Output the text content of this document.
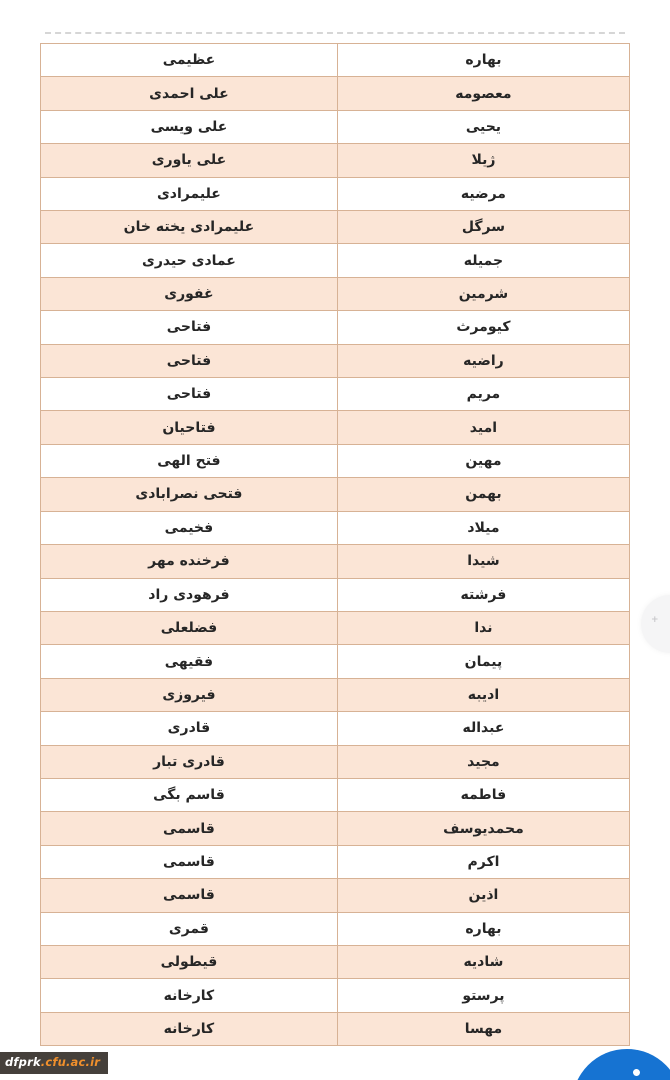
عظیمی	بهاره
علی احمدی	معصومه
علی ویسی	یحیی
علی یاوری	ژیلا
علیمرادی	مرضیه
علیمرادی یخته خان	سرگل
عمادی حیدری	جمیله
غفوری	شرمین
فتاحی	کیومرث
فتاحی	راضیه
فتاحی	مریم
فتاحیان	امید
فتح الهی	مهین
فتحی نصرابادی	بهمن
فخیمی	میلاد
فرخنده مهر	شیدا
فرهودی راد	فرشته
فضلعلی	ندا
فقیهی	پیمان
فیروزی	ادیبه
قادری	عبداله
قادری تبار	مجید
قاسم بگی	فاطمه
قاسمی	محمدیوسف
قاسمی	اکرم
قاسمی	اذین
قمری	بهاره
قیطولی	شادیه
کارخانه	پرستو
کارخانه	مهسا
dfprk.cfu.ac.ir
+
